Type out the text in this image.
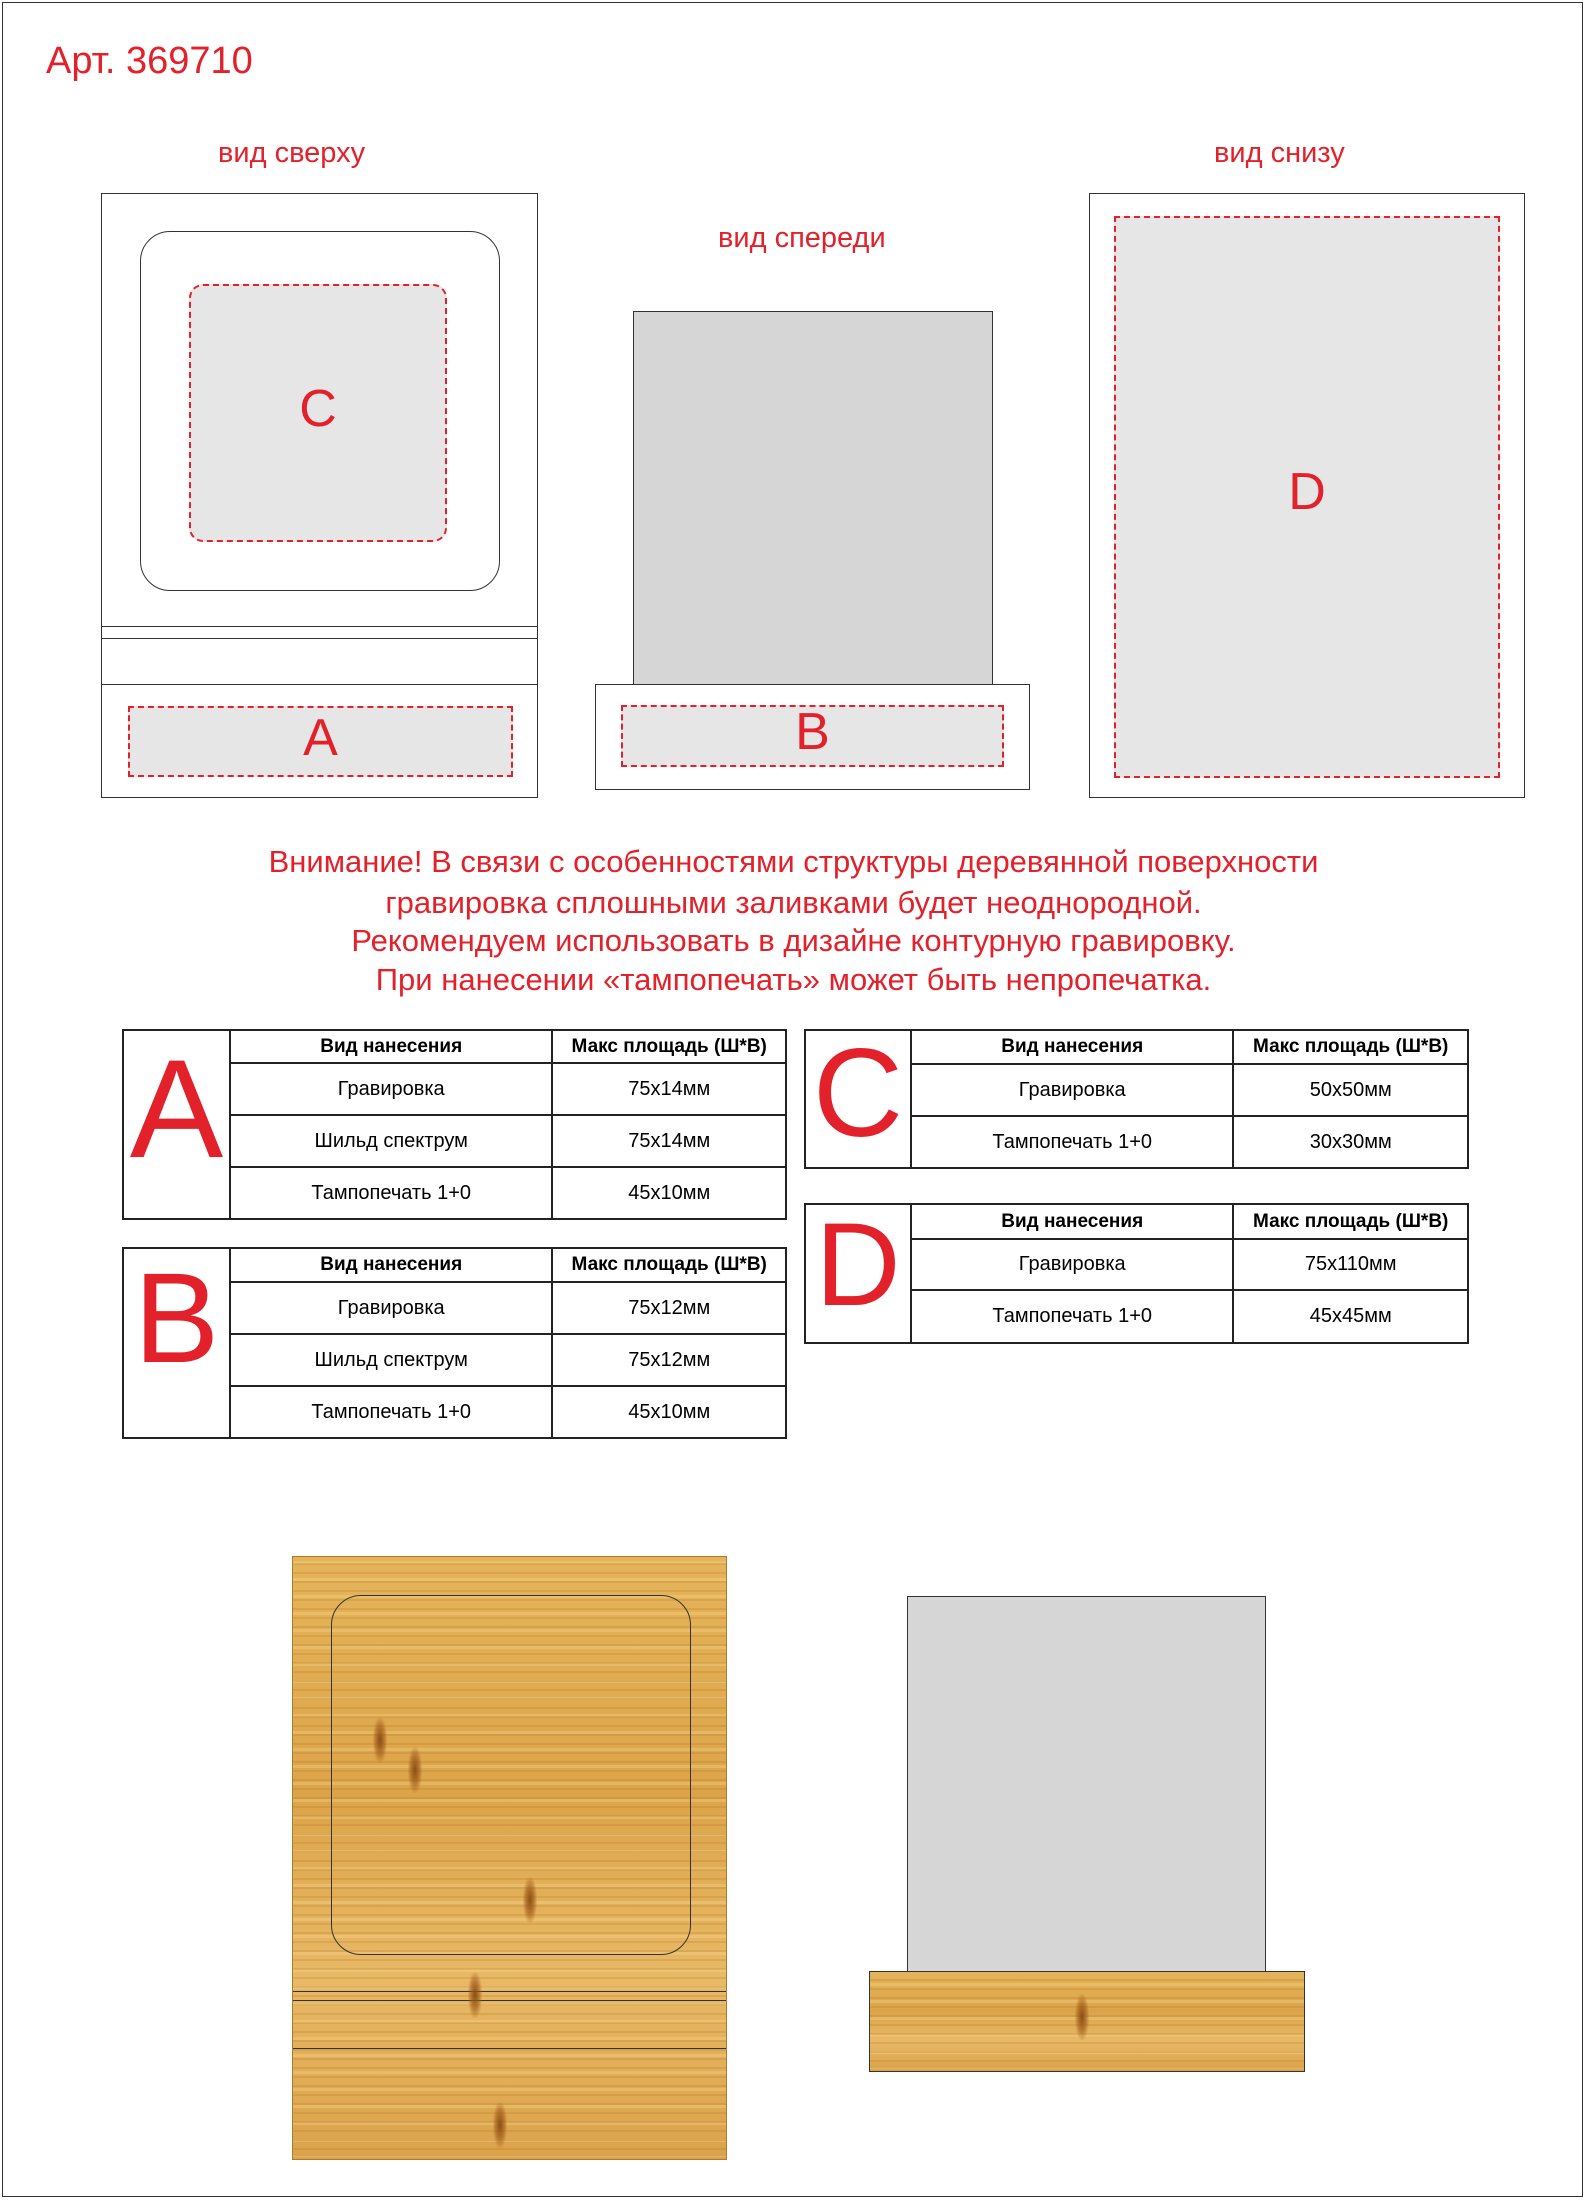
Арт. 369710
вид сверху
вид спереди
вид снизу
C
A	B
D
Внимание! В связи с особенностями структуры деревянной поверхности
гравировка сплошными заливками будет неоднородной.
Рекомендуем использовать в дизайне контурную гравировку.
При нанесении «тампопечать» может быть непропечатка.
A	Вид нанесения	Макс площадь (Ш*В)
Гравировка	75х14мм
Шильд спектрум	75х14мм
Тампопечать 1+0	45х10мм
B	Вид нанесения	Макс площадь (Ш*В)
Гравировка	75х12мм
Шильд спектрум	75х12мм
Тампопечать 1+0	45х10мм
C	Вид нанесения	Макс площадь (Ш*В)
Гравировка	50х50мм
Тампопечать 1+0	30х30мм
D	Вид нанесения	Макс площадь (Ш*В)
Гравировка	75х110мм
Тампопечать 1+0	45х45мм
